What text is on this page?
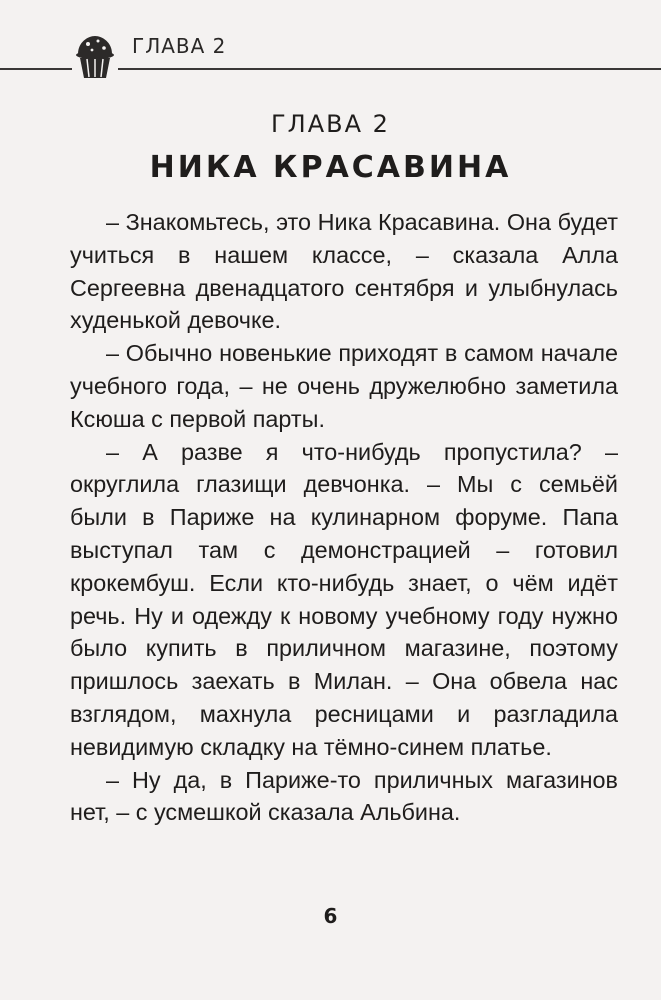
ГЛАВА 2
ГЛАВА 2
НИКА КРАСАВИНА

– Знакомьтесь, это Ника Красавина. Она будет учиться в нашем классе, – сказала Алла Сергеевна двенадцатого сентября и улыбнулась худенькой девочке.

– Обычно новенькие приходят в самом начале учебного года, – не очень дружелюбно заметила Ксюша с первой парты.

– А разве я что-нибудь пропустила? – округлила глазищи девчонка. – Мы с семьёй были в Париже на кулинарном форуме. Папа выступал там с демонстрацией – готовил крокембуш. Если кто-нибудь знает, о чём идёт речь. Ну и одежду к новому учебному году нужно было купить в приличном магазине, поэтому пришлось заехать в Милан. – Она обвела нас взглядом, махнула ресницами и разгладила невидимую складку на тёмно-синем платье.

– Ну да, в Париже-то приличных магазинов нет, – с усмешкой сказала Альбина.

6
